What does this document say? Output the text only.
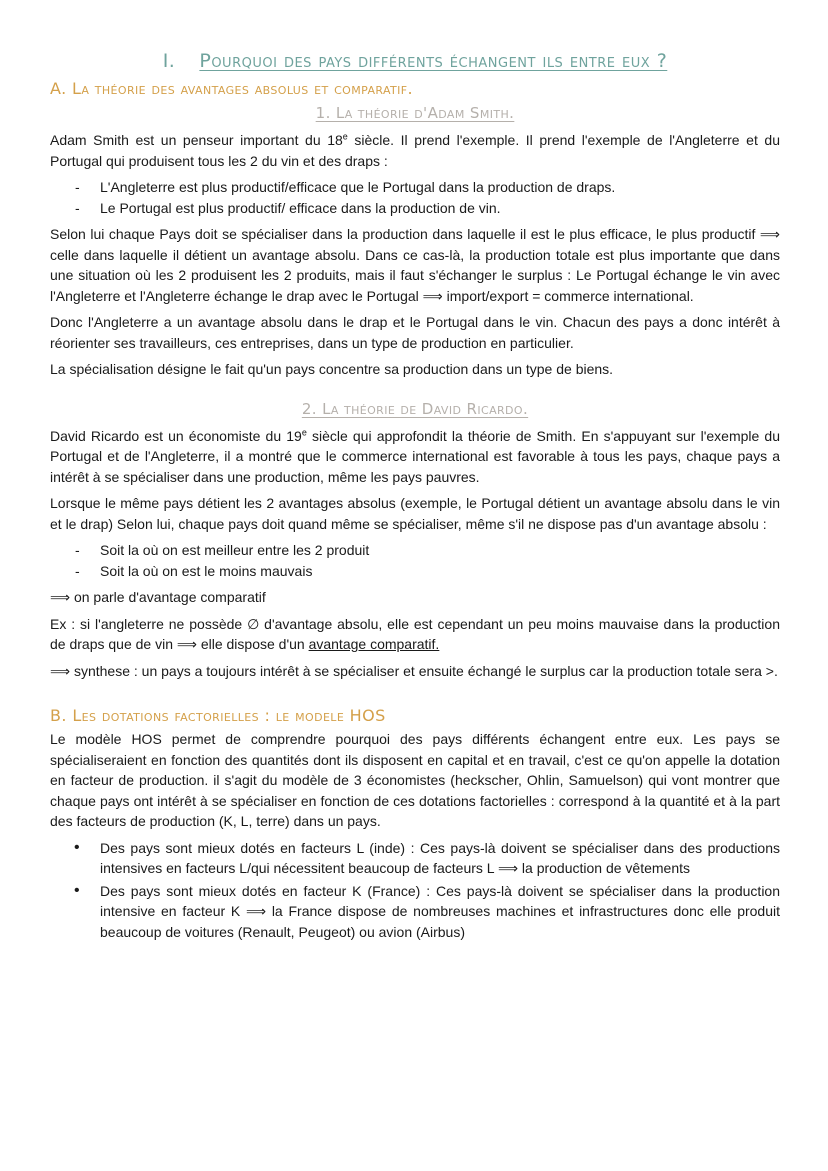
I. Pourquoi des pays différents échangent ils entre eux ?
A. La théorie des avantages absolus et comparatif.
1. La théorie d'Adam Smith.

Adam Smith est un penseur important du 18e siècle. Il prend l'exemple. Il prend l'exemple de l'Angleterre et du Portugal qui produisent tous les 2 du vin et des draps :

- L'Angleterre est plus productif/efficace que le Portugal dans la production de draps.
- Le Portugal est plus productif/ efficace dans la production de vin.

Selon lui chaque Pays doit se spécialiser dans la production dans laquelle il est le plus efficace, le plus productif ⟹ celle dans laquelle il détient un avantage absolu. Dans ce cas-là, la production totale est plus importante que dans une situation où les 2 produisent les 2 produits, mais il faut s'échanger le surplus : Le Portugal échange le vin avec l'Angleterre et l'Angleterre échange le drap avec le Portugal ⟹ import/export = commerce international.

Donc l'Angleterre a un avantage absolu dans le drap et le Portugal dans le vin. Chacun des pays a donc intérêt à réorienter ses travailleurs, ces entreprises, dans un type de production en particulier.

La spécialisation désigne le fait qu'un pays concentre sa production dans un type de biens.

2. La théorie de David Ricardo.

David Ricardo est un économiste du 19e siècle qui approfondit la théorie de Smith. En s'appuyant sur l'exemple du Portugal et de l'Angleterre, il a montré que le commerce international est favorable à tous les pays, chaque pays a intérêt à se spécialiser dans une production, même les pays pauvres.

Lorsque le même pays détient les 2 avantages absolus (exemple, le Portugal détient un avantage absolu dans le vin et le drap) Selon lui, chaque pays doit quand même se spécialiser, même s'il ne dispose pas d'un avantage absolu :

- Soit la où on est meilleur entre les 2 produit
- Soit la où on est le moins mauvais

⟹ on parle d'avantage comparatif

Ex : si l'angleterre ne possède ∅ d'avantage absolu, elle est cependant un peu moins mauvaise dans la production de draps que de vin ⟹ elle dispose d'un avantage comparatif.

⟹ synthese : un pays a toujours intérêt à se spécialiser et ensuite échangé le surplus car la production totale sera >.

B. Les dotations factorielles : le modele HOS

Le modèle HOS permet de comprendre pourquoi des pays différents échangent entre eux. Les pays se spécialiseraient en fonction des quantités dont ils disposent en capital et en travail, c'est ce qu'on appelle la dotation en facteur de production. il s'agit du modèle de 3 économistes (heckscher, Ohlin, Samuelson) qui vont montrer que chaque pays ont intérêt à se spécialiser en fonction de ces dotations factorielles : correspond à la quantité et à la part des facteurs de production (K, L, terre) dans un pays.

• Des pays sont mieux dotés en facteurs L (inde) : Ces pays-là doivent se spécialiser dans des productions intensives en facteurs L/qui nécessitent beaucoup de facteurs L ⟹ la production de vêtements
• Des pays sont mieux dotés en facteur K (France) : Ces pays-là doivent se spécialiser dans la production intensive en facteur K ⟹ la France dispose de nombreuses machines et infrastructures donc elle produit beaucoup de voitures (Renault, Peugeot) ou avion (Airbus)
